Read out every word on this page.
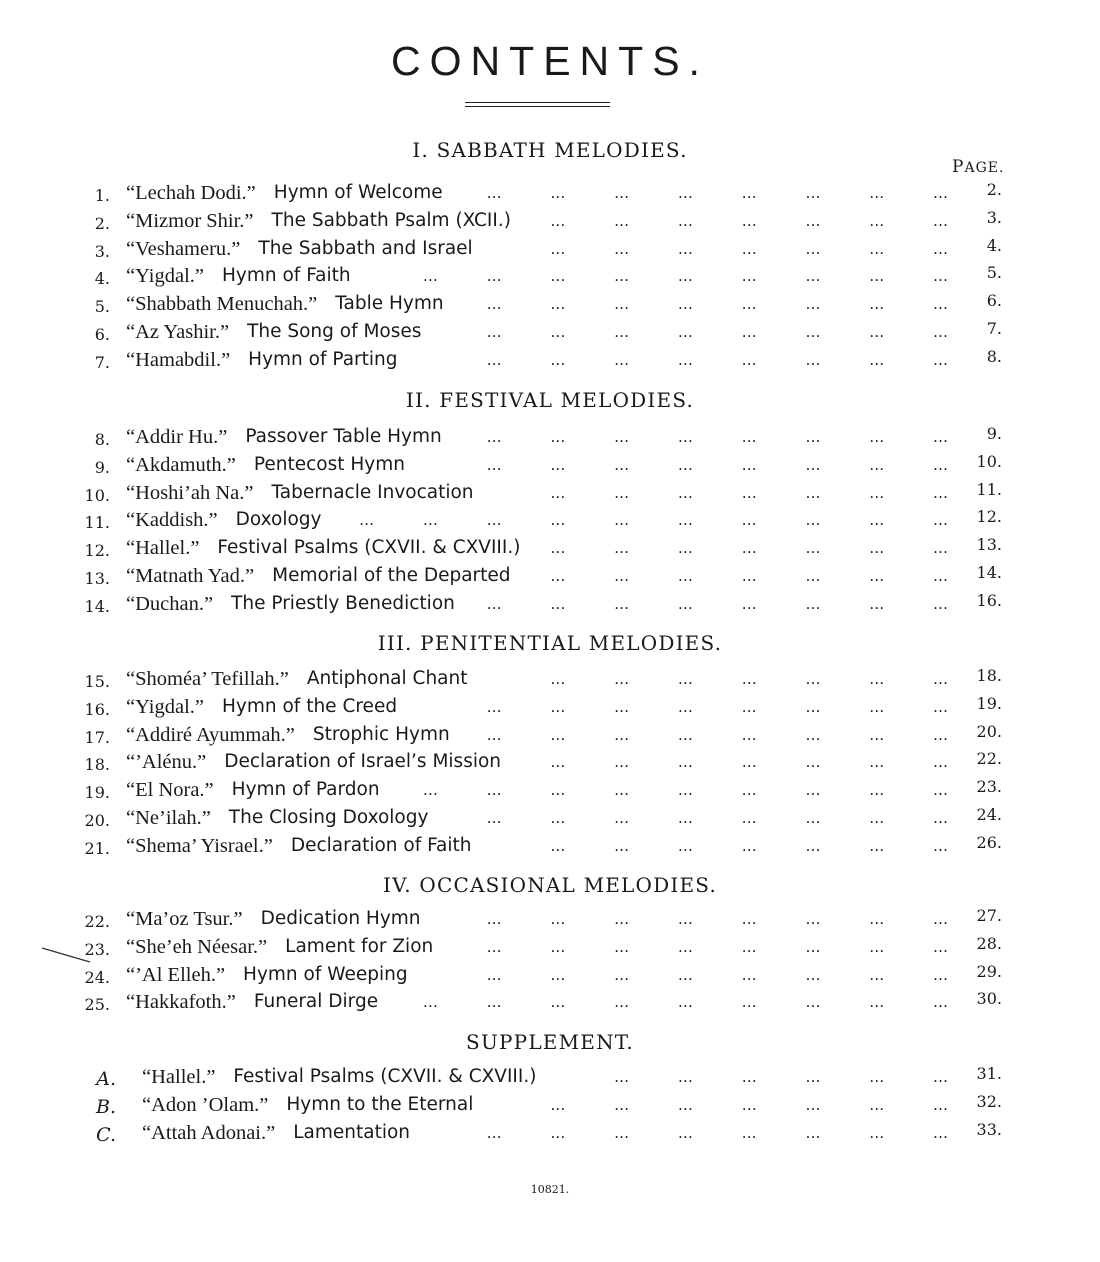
CONTENTS.
PAGE.
I. SABBATH MELODIES.
1. “Lechah Dodi.” Hymn of Welcome	… … … … … … … …	2.
2. “Mizmor Shir.” The Sabbath Psalm (XCII.)	… … … … … … …	3.
3. “Veshameru.” The Sabbath and Israel	… … … … … … …	4.
4. “Yigdal.” Hymn of Faith	… … … … … … … … …	5.
5. “Shabbath Menuchah.” Table Hymn	… … … … … … … …	6.
6. “Az Yashir.” The Song of Moses	… … … … … … … …	7.
7. “Hamabdil.” Hymn of Parting	… … … … … … … …	8.
II. FESTIVAL MELODIES.
8. “Addir Hu.” Passover Table Hymn	… … … … … … … …	9.
9. “Akdamuth.” Pentecost Hymn	… … … … … … … …	10.
10. “Hoshi’ah Na.” Tabernacle Invocation	… … … … … … …	11.
11. “Kaddish.” Doxology	… … … … … … … … … …	12.
12. “Hallel.” Festival Psalms (CXVII. & CXVIII.) … … … … … … …	13.
13. “Matnath Yad.” Memorial of the Departed	… … … … … … …	14.
14. “Duchan.” The Priestly Benediction … … … … … … … …	16.
III. PENITENTIAL MELODIES.
15. “Shoméa’ Tefillah.” Antiphonal Chant	… … … … … … …	18.
16. “Yigdal.” Hymn of the Creed	… … … … … … … …	19.
17. “Addiré Ayummah.” Strophic Hymn … … … … … … … …	20.
18. “’Alénu.” Declaration of Israel’s Mission	… … … … … … …	22.
19. “El Nora.” Hymn of Pardon	… … … … … … … … …	23.
20. “Ne’ilah.” The Closing Doxology	… … … … … … … …	24.
21. “Shema’ Yisrael.” Declaration of Faith	… … … … … … …	26.
IV. OCCASIONAL MELODIES.
22. “Ma’oz Tsur.” Dedication Hymn	… … … … … … … …	27.
23. “She’eh Néesar.” Lament for Zion	… … … … … … … …	28.
24. “’Al Elleh.” Hymn of Weeping	… … … … … … … …	29.
25. “Hakkafoth.” Funeral Dirge	… … … … … … … … …	30.
SUPPLEMENT.
A. “Hallel.” Festival Psalms (CXVII. & CXVIII.)	… … … … … …	31.
B. “Adon ’Olam.” Hymn to the Eternal	… … … … … … …	32.
C. “Attah Adonai.” Lamentation	… … … … … … … …	33.
10821.
